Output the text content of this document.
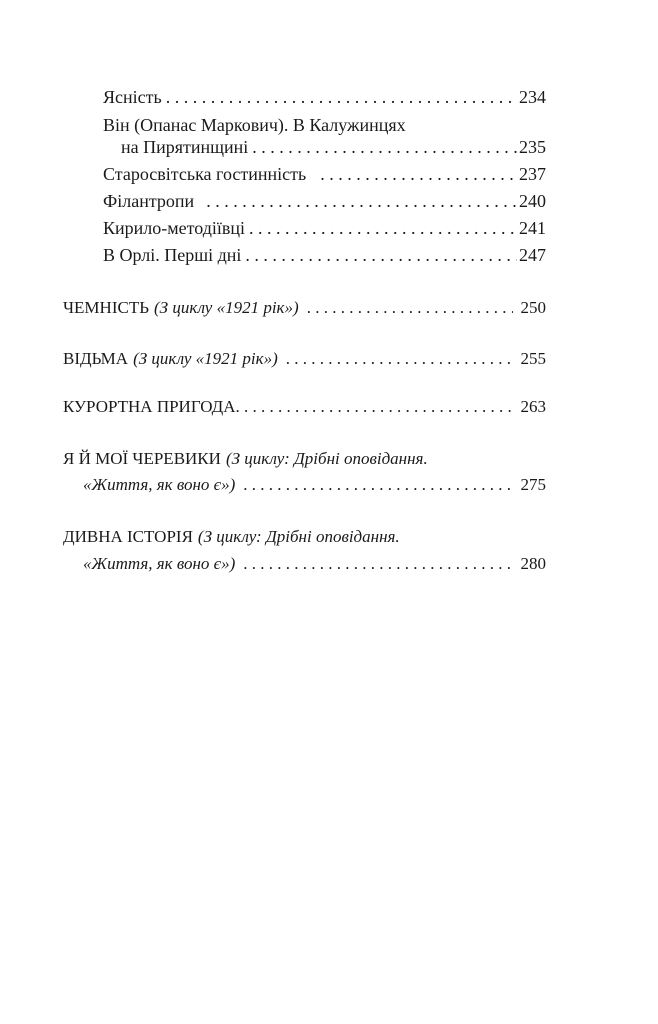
Ясність . . .	234
Він (Опанас Маркович). В Калужинцях
на Пирятинщині . . .	235
Старосвітська гостинність . . .	237
Філантропи . . .	240
Кирило-методіївці . . .	241
В Орлі. Перші дні . . .	247
ЧЕМНІСТЬ (З циклу «1921 рік») . . .	250
ВІДЬМА (З циклу «1921 рік») . . .	255
КУРОРТНА ПРИГОДА . . .	263
Я Й МОЇ ЧЕРЕВИКИ (З циклу: Дрібні оповідання.
«Життя, як воно є») . . .	275
ДИВНА ІСТОРІЯ (З циклу: Дрібні оповідання.
«Життя, як воно є») . . .	280
